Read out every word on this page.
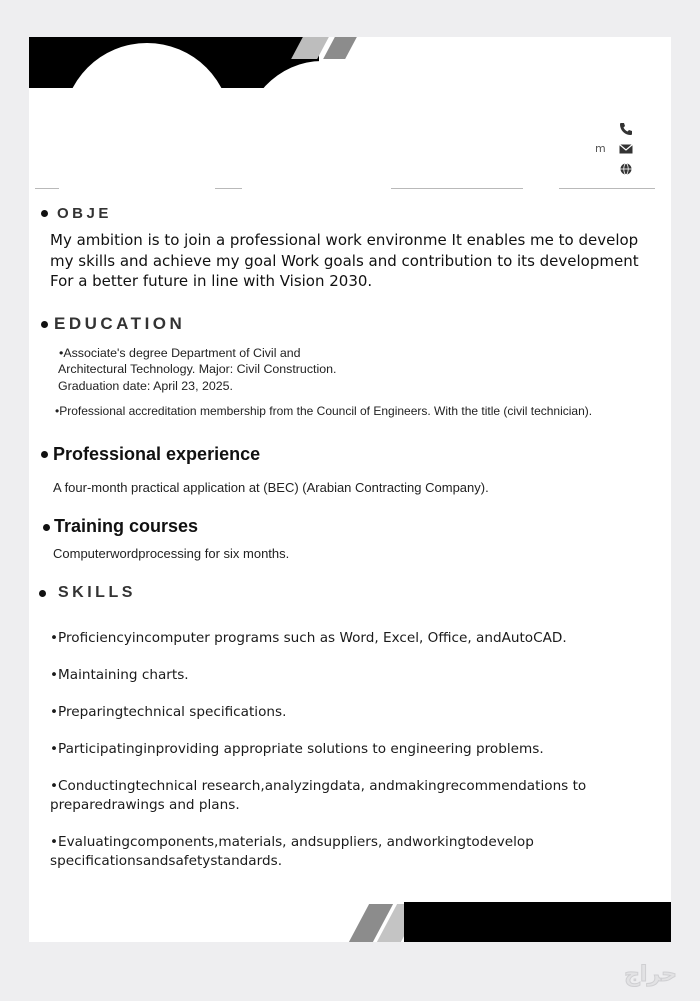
m
OBJE
My ambition is to join a professional work environme It enables me to develop my skills and achieve my goal Work goals and contribution to its development For a better future in line with Vision 2030.
EDUCATION
•Associate's degree Department of Civil and
Architectural Technology. Major: Civil Construction.
Graduation date: April 23, 2025.
•Professional accreditation membership from the Council of Engineers. With the title (civil technician).
Professional experience
A four-month practical application at (BEC) (Arabian Contracting Company).
Training courses
Computerwordprocessing for six months.
SKILLS
•Proficiencyincomputer programs such as Word, Excel, Office, andAutoCAD.
•Maintaining charts.
•Preparingtechnical specifications.
•Participatinginproviding appropriate solutions to engineering problems.
•Conductingtechnical research,analyzingdata, andmakingrecommendations to preparedrawings and plans.
•Evaluatingcomponents,materials, andsuppliers, andworkingtodevelop specificationsandsafetystandards.
حراج
